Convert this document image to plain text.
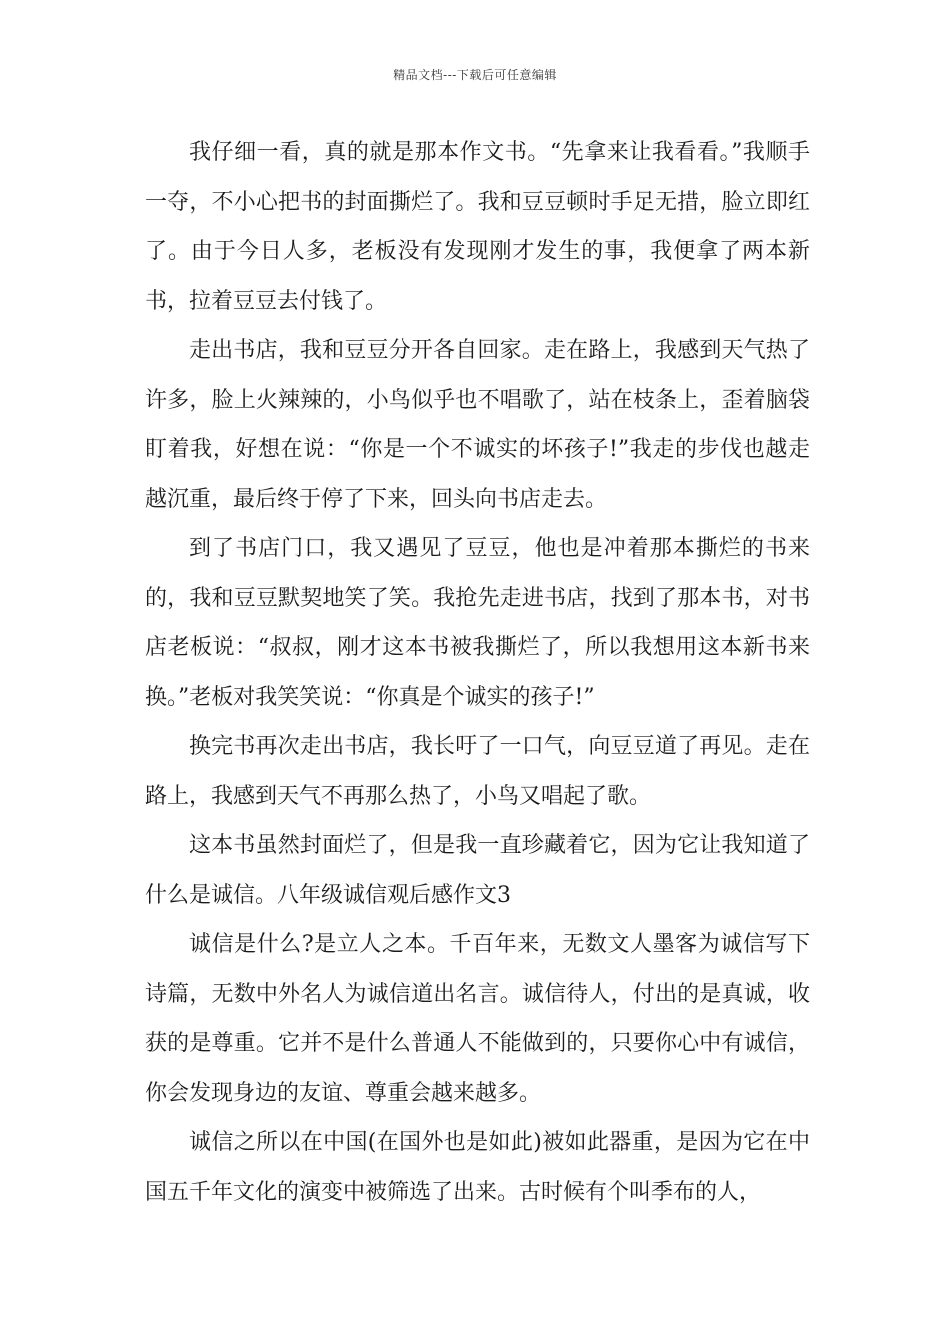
精品文档---下载后可任意编辑

我仔细一看，真的就是那本作文书。“先拿来让我看看。”我顺手一夺，不小心把书的封面撕烂了。我和豆豆顿时手足无措，脸立即红了。由于今日人多，老板没有发现刚才发生的事，我便拿了两本新书，拉着豆豆去付钱了。

走出书店，我和豆豆分开各自回家。走在路上，我感到天气热了许多，脸上火辣辣的，小鸟似乎也不唱歌了，站在枝条上，歪着脑袋盯着我，好想在说：“你是一个不诚实的坏孩子!”我走的步伐也越走越沉重，最后终于停了下来，回头向书店走去。

到了书店门口，我又遇见了豆豆，他也是冲着那本撕烂的书来的，我和豆豆默契地笑了笑。我抢先走进书店，找到了那本书，对书店老板说：“叔叔，刚才这本书被我撕烂了，所以我想用这本新书来换。”老板对我笑笑说：“你真是个诚实的孩子!”

换完书再次走出书店，我长吁了一口气，向豆豆道了再见。走在路上，我感到天气不再那么热了，小鸟又唱起了歌。

这本书虽然封面烂了，但是我一直珍藏着它，因为它让我知道了什么是诚信。八年级诚信观后感作文3

诚信是什么?是立人之本。千百年来，无数文人墨客为诚信写下诗篇，无数中外名人为诚信道出名言。诚信待人，付出的是真诚，收获的是尊重。它并不是什么普通人不能做到的，只要你心中有诚信，你会发现身边的友谊、尊重会越来越多。

诚信之所以在中国(在国外也是如此)被如此器重，是因为它在中国五千年文化的演变中被筛选了出来。古时候有个叫季布的人，
